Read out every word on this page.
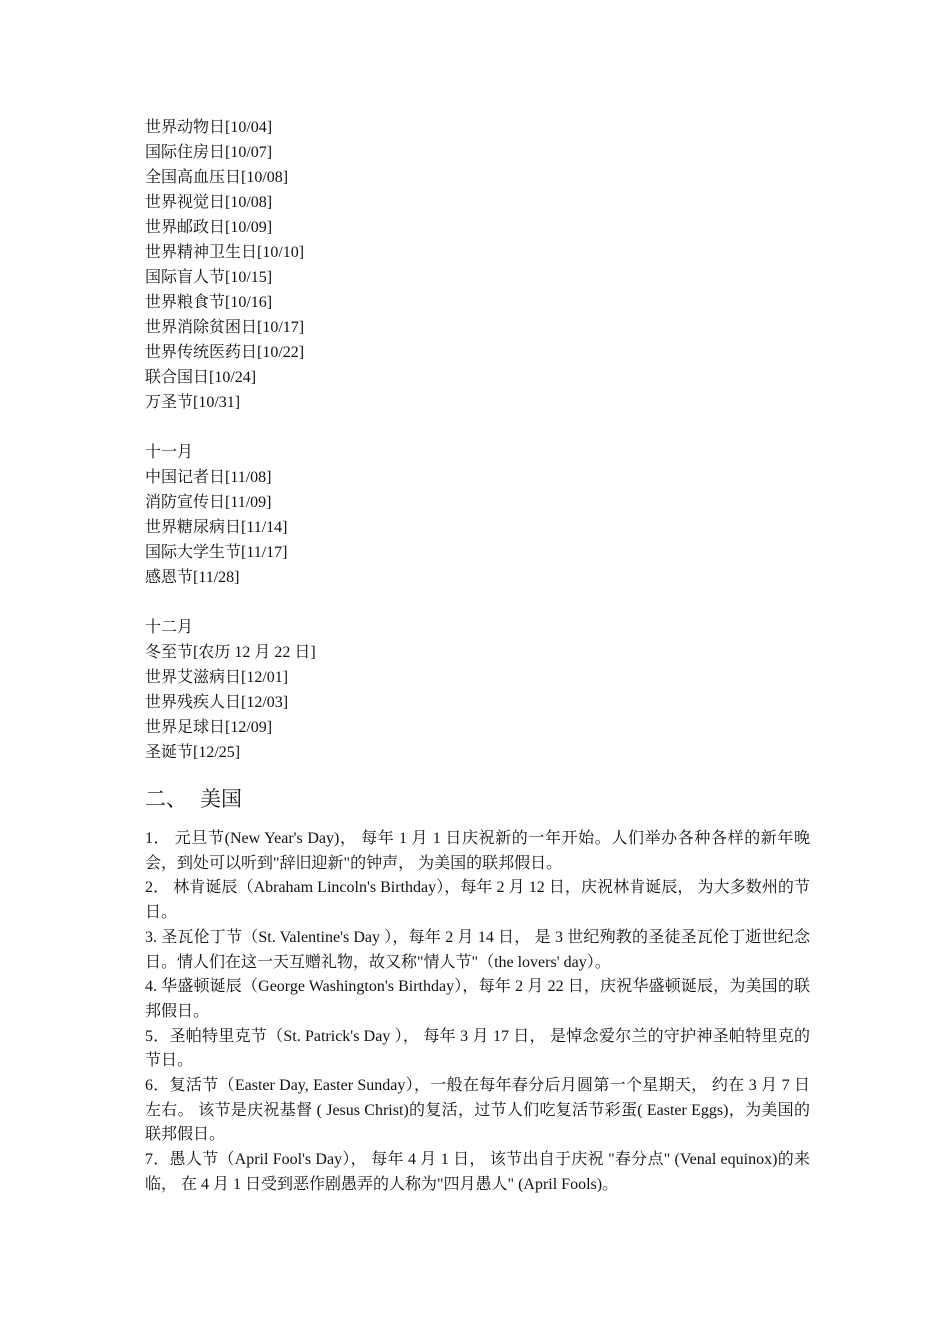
世界动物日[10/04]
国际住房日[10/07]
全国高血压日[10/08]
世界视觉日[10/08]
世界邮政日[10/09]
世界精神卫生日[10/10]
国际盲人节[10/15]
世界粮食节[10/16]
世界消除贫困日[10/17]
世界传统医药日[10/22]
联合国日[10/24]
万圣节[10/31]
十一月
中国记者日[11/08]
消防宣传日[11/09]
世界糖尿病日[11/14]
国际大学生节[11/17]
感恩节[11/28]
十二月
冬至节[农历 12 月 22 日]
世界艾滋病日[12/01]
世界残疾人日[12/03]
世界足球日[12/09]
圣诞节[12/25]
二、 美国
1． 元旦节(New Year's Day)， 每年 1 月 1 日庆祝新的一年开始。人们举办各种各样的新年晚会，到处可以听到"辞旧迎新"的钟声， 为美国的联邦假日。
2． 林肯诞辰（Abraham Lincoln's Birthday），每年 2 月 12 日，庆祝林肯诞辰， 为大多数州的节日。
3. 圣瓦伦丁节（St. Valentine's Day ），每年 2 月 14 日， 是 3 世纪殉教的圣徒圣瓦伦丁逝世纪念日。情人们在这一天互赠礼物，故又称"情人节"（the lovers' day）。
4. 华盛顿诞辰（George Washington's Birthday），每年 2 月 22 日，庆祝华盛顿诞辰，为美国的联邦假日。
5．圣帕特里克节（St. Patrick's Day ）， 每年 3 月 17 日， 是悼念爱尔兰的守护神圣帕特里克的节日。
6．复活节（Easter Day, Easter Sunday），一般在每年春分后月圆第一个星期天， 约在 3 月 7 日左右。 该节是庆祝基督 ( Jesus Christ)的复活，过节人们吃复活节彩蛋( Easter Eggs)，为美国的联邦假日。
7．愚人节（April Fool's Day）， 每年 4 月 1 日， 该节出自于庆祝 "春分点" (Venal equinox)的来临， 在 4 月 1 日受到恶作剧愚弄的人称为"四月愚人" (April Fools)。
